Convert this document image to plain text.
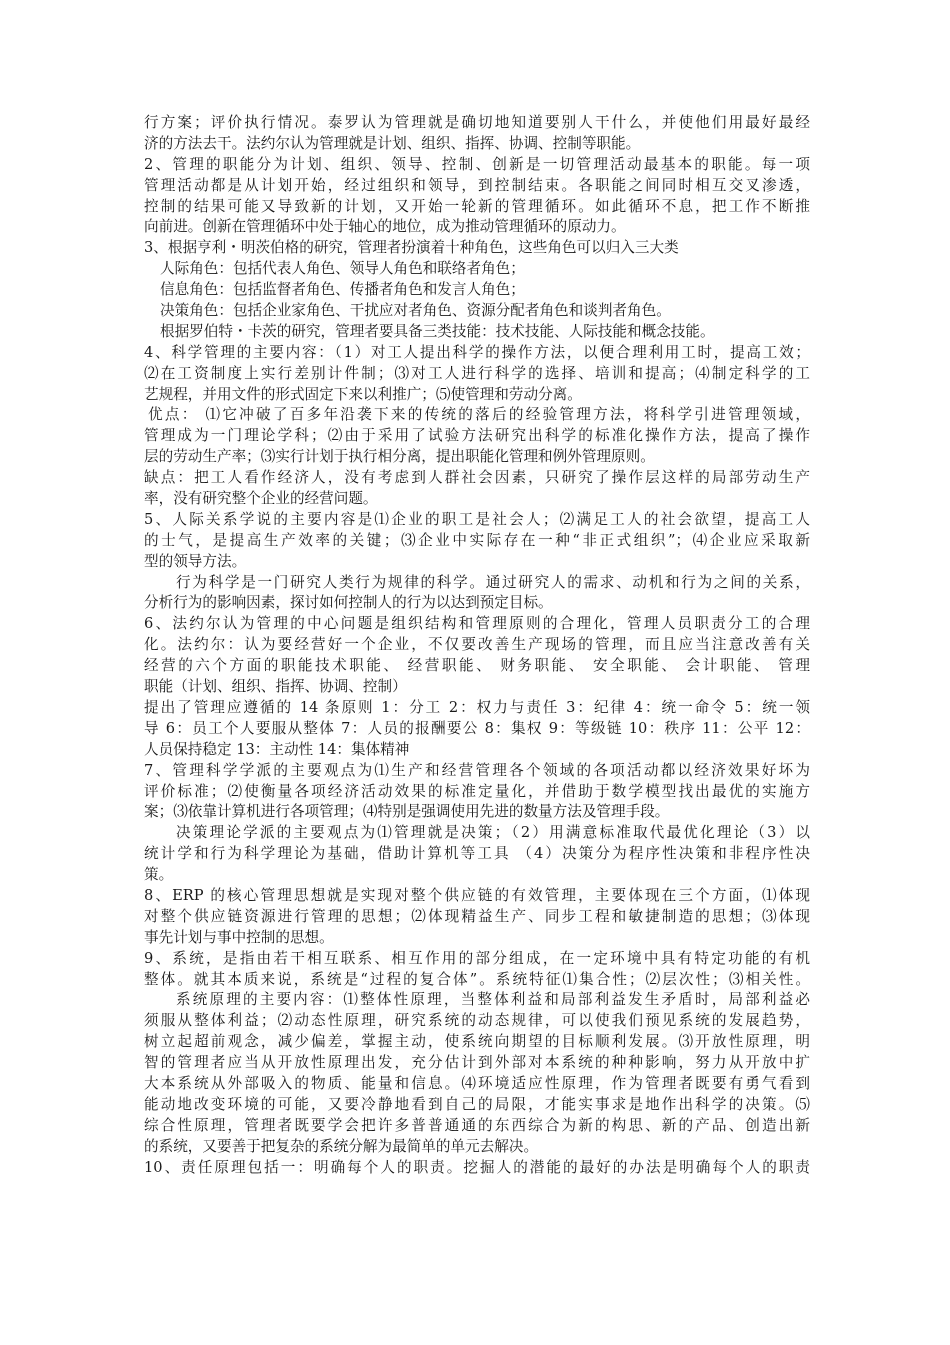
行方案；评价执行情况。泰罗认为管理就是确切地知道要别人干什么，并使他们用最好最经
济的方法去干。法约尔认为管理就是计划、组织、指挥、协调、控制等职能。
2、管理的职能分为计划、组织、领导、控制、创新是一切管理活动最基本的职能。每一项
管理活动都是从计划开始，经过组织和领导，到控制结束。各职能之间同时相互交叉渗透，
控制的结果可能又导致新的计划，又开始一轮新的管理循环。如此循环不息，把工作不断推
向前进。创新在管理循环中处于轴心的地位，成为推动管理循环的原动力。
3、根据亨利・明茨伯格的研究，管理者扮演着十种角色，这些角色可以归入三大类
人际角色：包括代表人角色、领导人角色和联络者角色；
信息角色：包括监督者角色、传播者角色和发言人角色；
决策角色：包括企业家角色、干扰应对者角色、资源分配者角色和谈判者角色。
根据罗伯特・卡茨的研究，管理者要具备三类技能：技术技能、人际技能和概念技能。
4、科学管理的主要内容：（1）对工人提出科学的操作方法，以便合理利用工时，提高工效；
⑵在工资制度上实行差别计件制；⑶对工人进行科学的选择、培训和提高；⑷制定科学的工
艺规程，并用文件的形式固定下来以利推广；⑸使管理和劳动分离。
优点： ⑴它冲破了百多年沿袭下来的传统的落后的经验管理方法，将科学引进管理领域，
管理成为一门理论学科；⑵由于采用了试验方法研究出科学的标准化操作方法，提高了操作
层的劳动生产率；⑶实行计划于执行相分离，提出职能化管理和例外管理原则。
缺点：把工人看作经济人，没有考虑到人群社会因素，只研究了操作层这样的局部劳动生产
率，没有研究整个企业的经营问题。
5、人际关系学说的主要内容是⑴企业的职工是社会人；⑵满足工人的社会欲望，提高工人
的士气，是提高生产效率的关键；⑶企业中实际存在一种“非正式组织”；⑷企业应采取新
型的领导方法。
行为科学是一门研究人类行为规律的科学。通过研究人的需求、动机和行为之间的关系，
分析行为的影响因素，探讨如何控制人的行为以达到预定目标。
6、法约尔认为管理的中心问题是组织结构和管理原则的合理化，管理人员职责分工的合理
化。法约尔：认为要经营好一个企业，不仅要改善生产现场的管理，而且应当注意改善有关
经营的六个方面的职能技术职能、 经营职能、 财务职能、 安全职能、 会计职能、 管理
职能（计划、组织、指挥、协调、控制）
提出了管理应遵循的 14 条原则 1：分工 2：权力与责任 3：纪律 4：统一命令 5：统一领
导 6：员工个人要服从整体 7：人员的报酬要公 8：集权 9：等级链 10：秩序 11：公平 12：
人员保持稳定 13：主动性 14：集体精神
7、管理科学学派的主要观点为⑴生产和经营管理各个领域的各项活动都以经济效果好坏为
评价标准；⑵使衡量各项经济活动效果的标准定量化，并借助于数学模型找出最优的实施方
案；⑶依靠计算机进行各项管理；⑷特别是强调使用先进的数量方法及管理手段。
决策理论学派的主要观点为⑴管理就是决策；（2）用满意标准取代最优化理论（3）以
统计学和行为科学理论为基础，借助计算机等工具 （4）决策分为程序性决策和非程序性决
策。
8、ERP 的核心管理思想就是实现对整个供应链的有效管理，主要体现在三个方面，⑴体现
对整个供应链资源进行管理的思想；⑵体现精益生产、同步工程和敏捷制造的思想；⑶体现
事先计划与事中控制的思想。
9、系统，是指由若干相互联系、相互作用的部分组成，在一定环境中具有特定功能的有机
整体。就其本质来说，系统是“过程的复合体”。系统特征⑴集合性；⑵层次性；⑶相关性。
系统原理的主要内容：⑴整体性原理，当整体利益和局部利益发生矛盾时，局部利益必
须服从整体利益；⑵动态性原理，研究系统的动态规律，可以使我们预见系统的发展趋势，
树立起超前观念，减少偏差，掌握主动，使系统向期望的目标顺利发展。⑶开放性原理，明
智的管理者应当从开放性原理出发，充分估计到外部对本系统的种种影响，努力从开放中扩
大本系统从外部吸入的物质、能量和信息。⑷环境适应性原理，作为管理者既要有勇气看到
能动地改变环境的可能，又要冷静地看到自己的局限，才能实事求是地作出科学的决策。⑸
综合性原理，管理者既要学会把许多普普通通的东西综合为新的构思、新的产品、创造出新
的系统，又要善于把复杂的系统分解为最简单的单元去解决。
10、责任原理包括一：明确每个人的职责。挖掘人的潜能的最好的办法是明确每个人的职责
